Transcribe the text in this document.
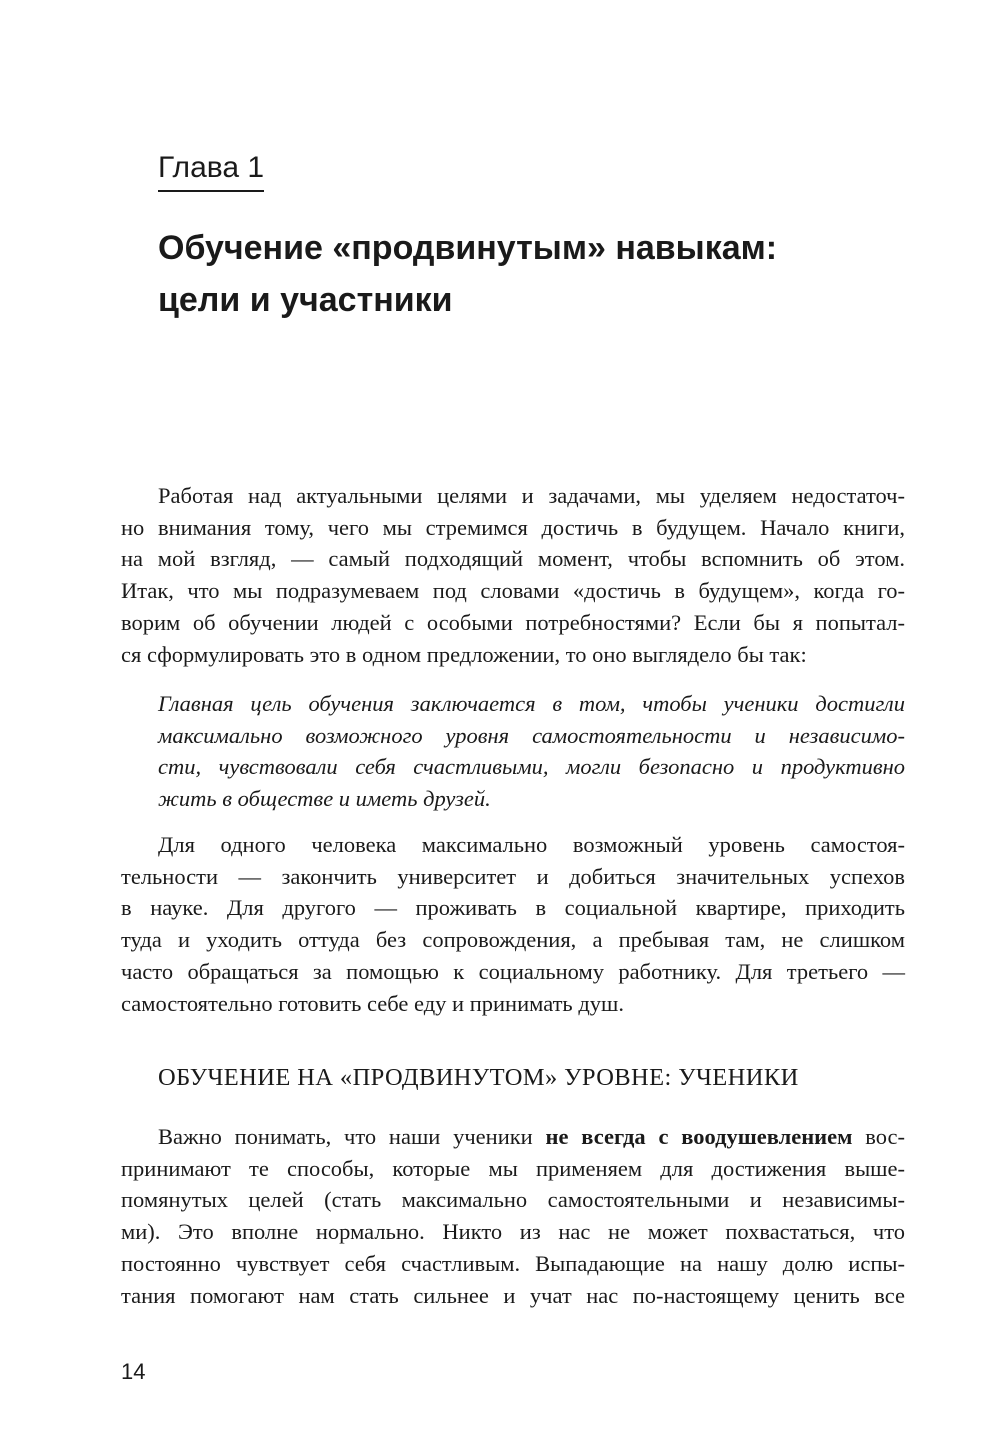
Глава 1
Обучение «продвинутым» навыкам:
цели и участники

Работая над актуальными целями и задачами, мы уделяем недостаточ-
но внимания тому, чего мы стремимся достичь в будущем. Начало книги,
на мой взгляд, — самый подходящий момент, чтобы вспомнить об этом.
Итак, что мы подразумеваем под словами «достичь в будущем», когда го-
ворим об обучении людей с особыми потребностями? Если бы я попытал-
ся сформулировать это в одном предложении, то оно выглядело бы так:

Главная цель обучения заключается в том, чтобы ученики достигли
максимально возможного уровня самостоятельности и независимо-
сти, чувствовали себя счастливыми, могли безопасно и продуктивно
жить в обществе и иметь друзей.

Для одного человека максимально возможный уровень самостоя-
тельности — закончить университет и добиться значительных успехов
в науке. Для другого — проживать в социальной квартире, приходить
туда и уходить оттуда без сопровождения, а пребывая там, не слишком
часто обращаться за помощью к социальному работнику. Для третьего —
самостоятельно готовить себе еду и принимать душ.

ОБУЧЕНИЕ НА «ПРОДВИНУТОМ» УРОВНЕ: УЧЕНИКИ

Важно понимать, что наши ученики не всегда с воодушевлением вос-
принимают те способы, которые мы применяем для достижения выше-
помянутых целей (стать максимально самостоятельными и независимы-
ми). Это вполне нормально. Никто из нас не может похвастаться, что
постоянно чувствует себя счастливым. Выпадающие на нашу долю испы-
тания помогают нам стать сильнее и учат нас по-настоящему ценить все

14
